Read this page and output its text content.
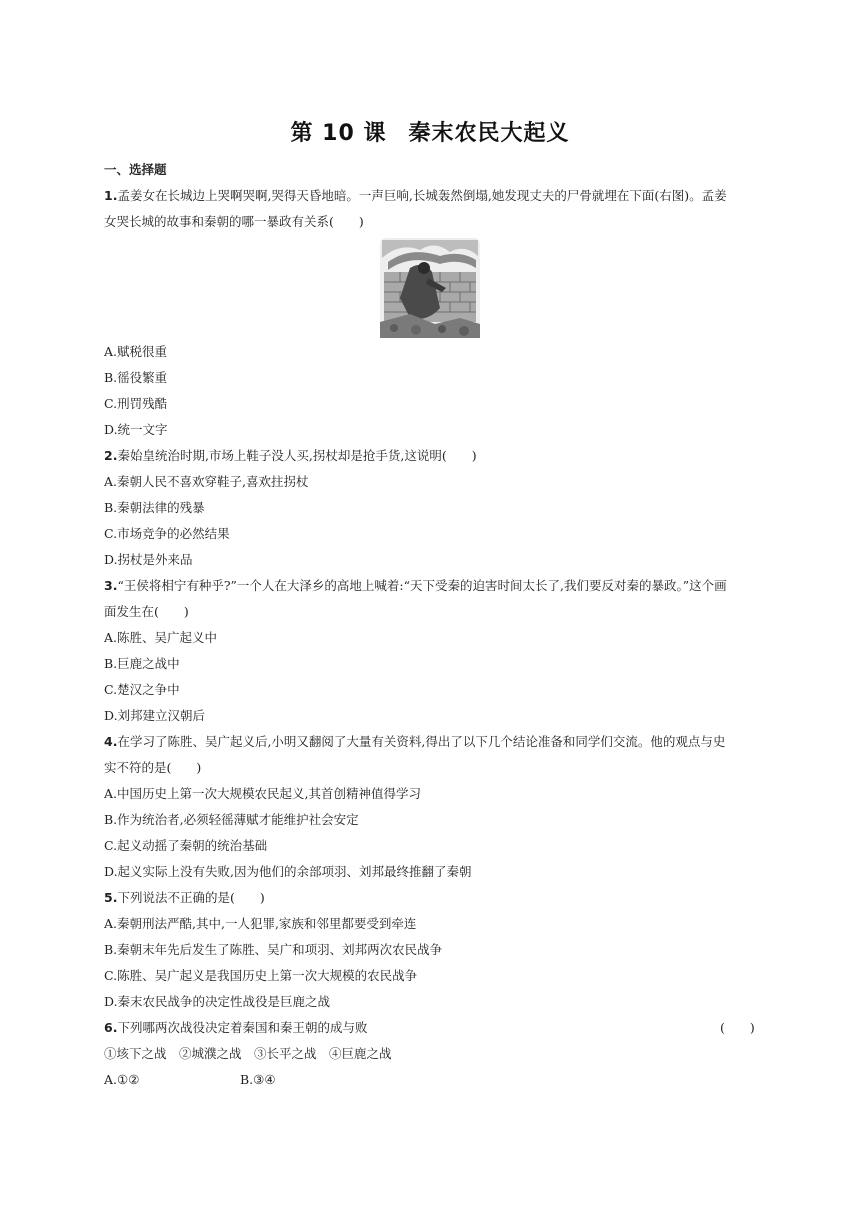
第 10 课 秦末农民大起义
一、选择题
1.孟姜女在长城边上哭啊哭啊,哭得天昏地暗。一声巨响,长城轰然倒塌,她发现丈夫的尸骨就埋在下面(右图)。孟姜
女哭长城的故事和秦朝的哪一暴政有关系(　　)
A.赋税很重
B.徭役繁重
C.刑罚残酷
D.统一文字
2.秦始皇统治时期,市场上鞋子没人买,拐杖却是抢手货,这说明(　　)
A.秦朝人民不喜欢穿鞋子,喜欢拄拐杖
B.秦朝法律的残暴
C.市场竞争的必然结果
D.拐杖是外来品
3.“王侯将相宁有种乎?”一个人在大泽乡的高地上喊着:“天下受秦的迫害时间太长了,我们要反对秦的暴政。”这个画
面发生在(　　)
A.陈胜、吴广起义中
B.巨鹿之战中
C.楚汉之争中
D.刘邦建立汉朝后
4.在学习了陈胜、吴广起义后,小明又翻阅了大量有关资料,得出了以下几个结论准备和同学们交流。他的观点与史
实不符的是(　　)
A.中国历史上第一次大规模农民起义,其首创精神值得学习
B.作为统治者,必须轻徭薄赋才能维护社会安定
C.起义动摇了秦朝的统治基础
D.起义实际上没有失败,因为他们的余部项羽、刘邦最终推翻了秦朝
5.下列说法不正确的是(　　)
A.秦朝刑法严酷,其中,一人犯罪,家族和邻里都要受到牵连
B.秦朝末年先后发生了陈胜、吴广和项羽、刘邦两次农民战争
C.陈胜、吴广起义是我国历史上第一次大规模的农民战争
D.秦末农民战争的决定性战役是巨鹿之战
6.下列哪两次战役决定着秦国和秦王朝的成与败	(　　)
①垓下之战　②城濮之战　③长平之战　④巨鹿之战
A.①②	B.③④
